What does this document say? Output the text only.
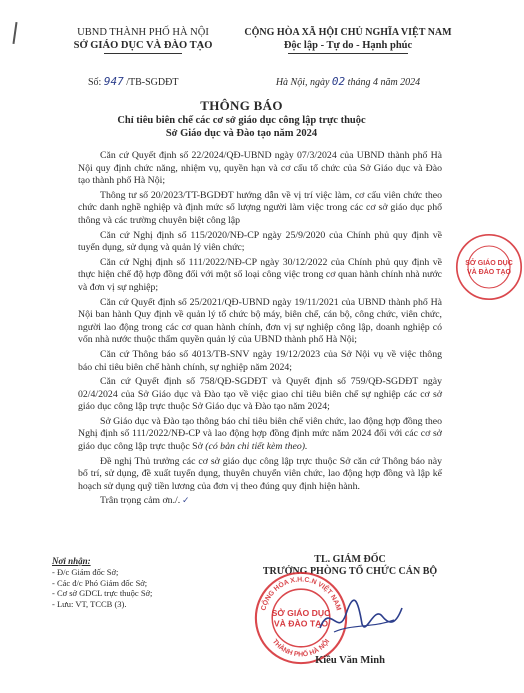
UBND THÀNH PHỐ HÀ NỘI
SỞ GIÁO DỤC VÀ ĐÀO TẠO
CỘNG HÒA XÃ HỘI CHỦ NGHĨA VIỆT NAM
Độc lập - Tự do - Hạnh phúc
Số: 947 /TB-SGDĐT	Hà Nội, ngày 02 tháng 4 năm 2024
THÔNG BÁO
Chỉ tiêu biên chế các cơ sở giáo dục công lập trực thuộc
Sở Giáo dục và Đào tạo năm 2024

Căn cứ Quyết định số 22/2024/QĐ-UBND ngày 07/3/2024 của UBND thành phố Hà Nội quy định chức năng, nhiệm vụ, quyền hạn và cơ cấu tổ chức của Sở Giáo dục và Đào tạo thành phố Hà Nội;

Thông tư số 20/2023/TT-BGDĐT hướng dẫn về vị trí việc làm, cơ cấu viên chức theo chức danh nghề nghiệp và định mức số lượng người làm việc trong các cơ sở giáo dục phổ thông và các trường chuyên biệt công lập

Căn cứ Nghị định số 115/2020/NĐ-CP ngày 25/9/2020 của Chính phủ quy định về tuyển dụng, sử dụng và quản lý viên chức;

Căn cứ Nghị định số 111/2022/NĐ-CP ngày 30/12/2022 của Chính phủ quy định về thực hiện chế độ hợp đồng đối với một số loại công việc trong cơ quan hành chính nhà nước và đơn vị sự nghiệp;

Căn cứ Quyết định số 25/2021/QĐ-UBND ngày 19/11/2021 của UBND thành phố Hà Nội ban hành Quy định về quản lý tổ chức bộ máy, biên chế, cán bộ, công chức, viên chức, người lao động trong các cơ quan hành chính, đơn vị sự nghiệp công lập, doanh nghiệp có vốn nhà nước thuộc thẩm quyền quản lý của UBND thành phố Hà Nội;

Căn cứ Thông báo số 4013/TB-SNV ngày 19/12/2023 của Sở Nội vụ về việc thông báo chỉ tiêu biên chế hành chính, sự nghiệp năm 2024;

Căn cứ Quyết định số 758/QĐ-SGDĐT và Quyết định số 759/QĐ-SGDĐT ngày 02/4/2024 của Sở Giáo dục và Đào tạo về việc giao chỉ tiêu biên chế sự nghiệp các cơ sở giáo dục công lập trực thuộc Sở Giáo dục và Đào tạo năm 2024;

Sở Giáo dục và Đào tạo thông báo chỉ tiêu biên chế viên chức, lao động hợp đồng theo Nghị định số 111/2022/NĐ-CP và lao động hợp đồng định mức năm 2024 đối với các cơ sở giáo dục công lập trực thuộc Sở (có bản chi tiết kèm theo).

Đề nghị Thủ trưởng các cơ sở giáo dục công lập trực thuộc Sở căn cứ Thông báo này bố trí, sử dụng, đề xuất tuyển dụng, thuyên chuyển viên chức, lao động hợp đồng và lập kế hoạch sử dụng quỹ tiền lương của đơn vị theo đúng quy định hiện hành.

Trân trọng cảm ơn./. ✓

Nơi nhận:
- Đ/c Giám đốc Sở;
- Các đ/c Phó Giám đốc Sở;
- Cơ sở GDCL trực thuộc Sở;
- Lưu: VT, TCCB (3).
TL. GIÁM ĐỐC
TRƯỞNG PHÒNG TỔ CHỨC CÁN BỘ
CỘNG HÒA X.H.C.N VIỆT NAM
THÀNH PHỐ HÀ NỘI
SỞ GIÁO DỤC
VÀ ĐÀO TẠO
Kiều Văn Minh
SỞ GIÁO DỤC
VÀ ĐÀO TẠO
